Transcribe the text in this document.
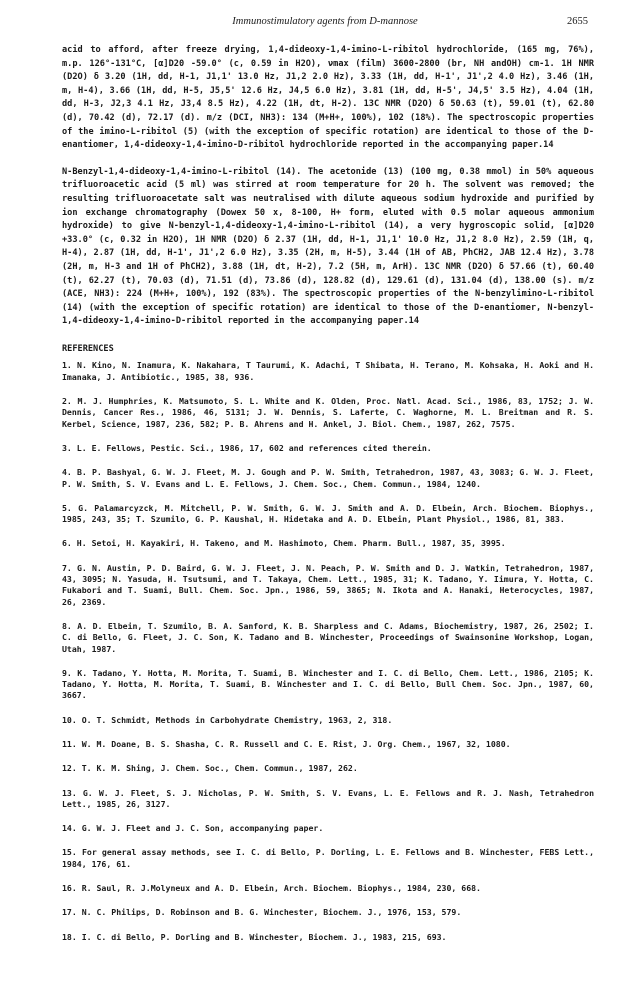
Immunostimulatory agents from D-mannose	2655

acid to afford, after freeze drying, 1,4-dideoxy-1,4-imino-L-ribitol hydrochloride, (165 mg, 76%), m.p. 126°-131°C, [α]D20 -59.0° (c, 0.59 in H2O), νmax (film) 3600-2800 (br, NH andOH) cm-1. 1H NMR (D2O) δ 3.20 (1H, dd, H-1, J1,1' 13.0 Hz, J1,2 2.0 Hz), 3.33 (1H, dd, H-1', J1',2 4.0 Hz), 3.46 (1H, m, H-4), 3.66 (1H, dd, H-5, J5,5' 12.6 Hz, J4,5 6.0 Hz), 3.81 (1H, dd, H-5', J4,5' 3.5 Hz), 4.04 (1H, dd, H-3, J2,3 4.1 Hz, J3,4 8.5 Hz), 4.22 (1H, dt, H-2). 13C NMR (D2O) δ 50.63 (t), 59.01 (t), 62.80 (d), 70.42 (d), 72.17 (d). m/z (DCI, NH3): 134 (M+H+, 100%), 102 (18%). The spectroscopic properties of the imino-L-ribitol (5) (with the exception of specific rotation) are identical to those of the D-enantiomer, 1,4-dideoxy-1,4-imino-D-ribitol hydrochloride reported in the accompanying paper.14

N-Benzyl-1,4-dideoxy-1,4-imino-L-ribitol (14). The acetonide (13) (100 mg, 0.38 mmol) in 50% aqueous trifluoroacetic acid (5 ml) was stirred at room temperature for 20 h. The solvent was removed; the resulting trifluoroacetate salt was neutralised with dilute aqueous sodium hydroxide and purified by ion exchange chromatography (Dowex 50 x, 8-100, H+ form, eluted with 0.5 molar aqueous ammonium hydroxide) to give N-benzyl-1,4-dideoxy-1,4-imino-L-ribitol (14), a very hygroscopic solid, [α]D20 +33.0° (c, 0.32 in H2O), 1H NMR (D2O) δ 2.37 (1H, dd, H-1, J1,1' 10.0 Hz, J1,2 8.0 Hz), 2.59 (1H, q, H-4), 2.87 (1H, dd, H-1', J1',2 6.0 Hz), 3.35 (2H, m, H-5), 3.44 (1H of AB, PhCH2, JAB 12.4 Hz), 3.78 (2H, m, H-3 and 1H of PhCH2), 3.88 (1H, dt, H-2), 7.2 (5H, m, ArH). 13C NMR (D2O) δ 57.66 (t), 60.40 (t), 62.27 (t), 70.03 (d), 71.51 (d), 73.86 (d), 128.82 (d), 129.61 (d), 131.04 (d), 138.00 (s). m/z (ACE, NH3): 224 (M+H+, 100%), 192 (83%). The spectroscopic properties of the N-benzylimino-L-ribitol (14) (with the exception of specific rotation) are identical to those of the D-enantiomer, N-benzyl-1,4-dideoxy-1,4-imino-D-ribitol reported in the accompanying paper.14

REFERENCES

1. N. Kino, N. Inamura, K. Nakahara, T Taurumi, K. Adachi, T Shibata, H. Terano, M. Kohsaka, H. Aoki and H. Imanaka, J. Antibiotic., 1985, 38, 936.

2. M. J. Humphries, K. Matsumoto, S. L. White and K. Olden, Proc. Natl. Acad. Sci., 1986, 83, 1752; J. W. Dennis, Cancer Res., 1986, 46, 5131; J. W. Dennis, S. Laferte, C. Waghorne, M. L. Breitman and R. S. Kerbel, Science, 1987, 236, 582; P. B. Ahrens and H. Ankel, J. Biol. Chem., 1987, 262, 7575.

3. L. E. Fellows, Pestic. Sci., 1986, 17, 602 and references cited therein.

4. B. P. Bashyal, G. W. J. Fleet, M. J. Gough and P. W. Smith, Tetrahedron, 1987, 43, 3083; G. W. J. Fleet, P. W. Smith, S. V. Evans and L. E. Fellows, J. Chem. Soc., Chem. Commun., 1984, 1240.

5. G. Palamarcyzck, M. Mitchell, P. W. Smith, G. W. J. Smith and A. D. Elbein, Arch. Biochem. Biophys., 1985, 243, 35; T. Szumilo, G. P. Kaushal, H. Hidetaka and A. D. Elbein, Plant Physiol., 1986, 81, 383.

6. H. Setoi, H. Kayakiri, H. Takeno, and M. Hashimoto, Chem. Pharm. Bull., 1987, 35, 3995.

7. G. N. Austin, P. D. Baird, G. W. J. Fleet, J. N. Peach, P. W. Smith and D. J. Watkin, Tetrahedron, 1987, 43, 3095; N. Yasuda, H. Tsutsumi, and T. Takaya, Chem. Lett., 1985, 31; K. Tadano, Y. Iimura, Y. Hotta, C. Fukabori and T. Suami, Bull. Chem. Soc. Jpn., 1986, 59, 3865; N. Ikota and A. Hanaki, Heterocycles, 1987, 26, 2369.

8. A. D. Elbein, T. Szumilo, B. A. Sanford, K. B. Sharpless and C. Adams, Biochemistry, 1987, 26, 2502; I. C. di Bello, G. Fleet, J. C. Son, K. Tadano and B. Winchester, Proceedings of Swainsonine Workshop, Logan, Utah, 1987.

9. K. Tadano, Y. Hotta, M. Morita, T. Suami, B. Winchester and I. C. di Bello, Chem. Lett., 1986, 2105; K. Tadano, Y. Hotta, M. Morita, T. Suami, B. Winchester and I. C. di Bello, Bull Chem. Soc. Jpn., 1987, 60, 3667.

10. O. T. Schmidt, Methods in Carbohydrate Chemistry, 1963, 2, 318.

11. W. M. Doane, B. S. Shasha, C. R. Russell and C. E. Rist, J. Org. Chem., 1967, 32, 1080.

12. T. K. M. Shing, J. Chem. Soc., Chem. Commun., 1987, 262.

13. G. W. J. Fleet, S. J. Nicholas, P. W. Smith, S. V. Evans, L. E. Fellows and R. J. Nash, Tetrahedron Lett., 1985, 26, 3127.

14. G. W. J. Fleet and J. C. Son, accompanying paper.

15. For general assay methods, see I. C. di Bello, P. Dorling, L. E. Fellows and B. Winchester, FEBS Lett., 1984, 176, 61.

16. R. Saul, R. J.Molyneux and A. D. Elbein, Arch. Biochem. Biophys., 1984, 230, 668.

17. N. C. Philips, D. Robinson and B. G. Winchester, Biochem. J., 1976, 153, 579.

18. I. C. di Bello, P. Dorling and B. Winchester, Biochem. J., 1983, 215, 693.
